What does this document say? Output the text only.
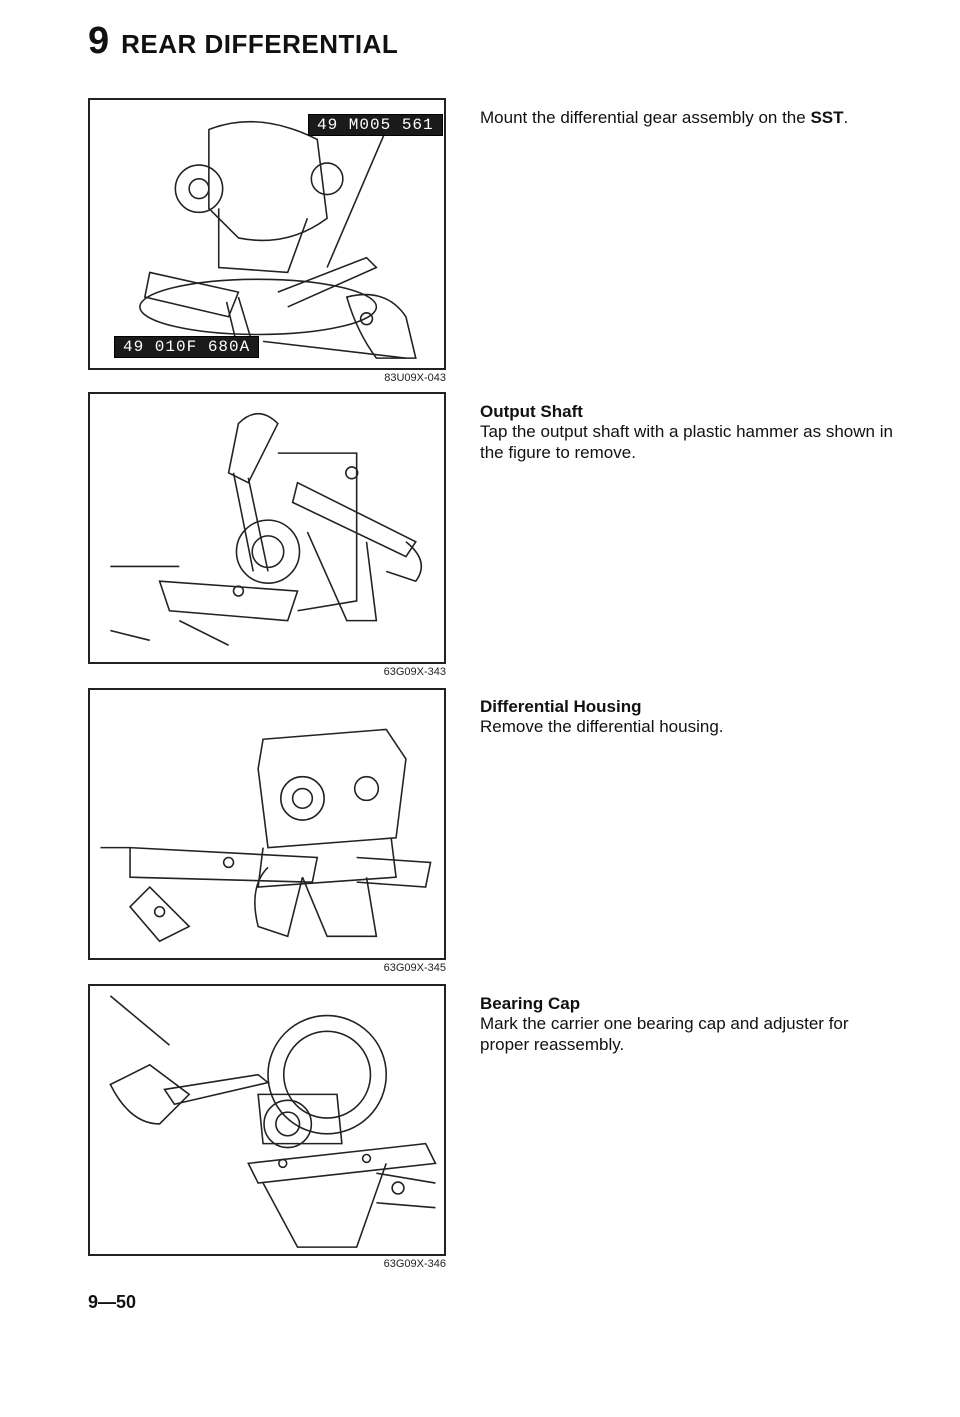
9 REAR DIFFERENTIAL
49 M005 561
49 010F 680A
83U09X-043
63G09X-343
63G09X-345
63G09X-346
Mount the differential gear assembly on the SST.
Output Shaft
Tap the output shaft with a plastic hammer as shown in the figure to remove.
Differential Housing
Remove the differential housing.
Bearing Cap
Mark the carrier one bearing cap and adjuster for proper reassembly.
9—50
